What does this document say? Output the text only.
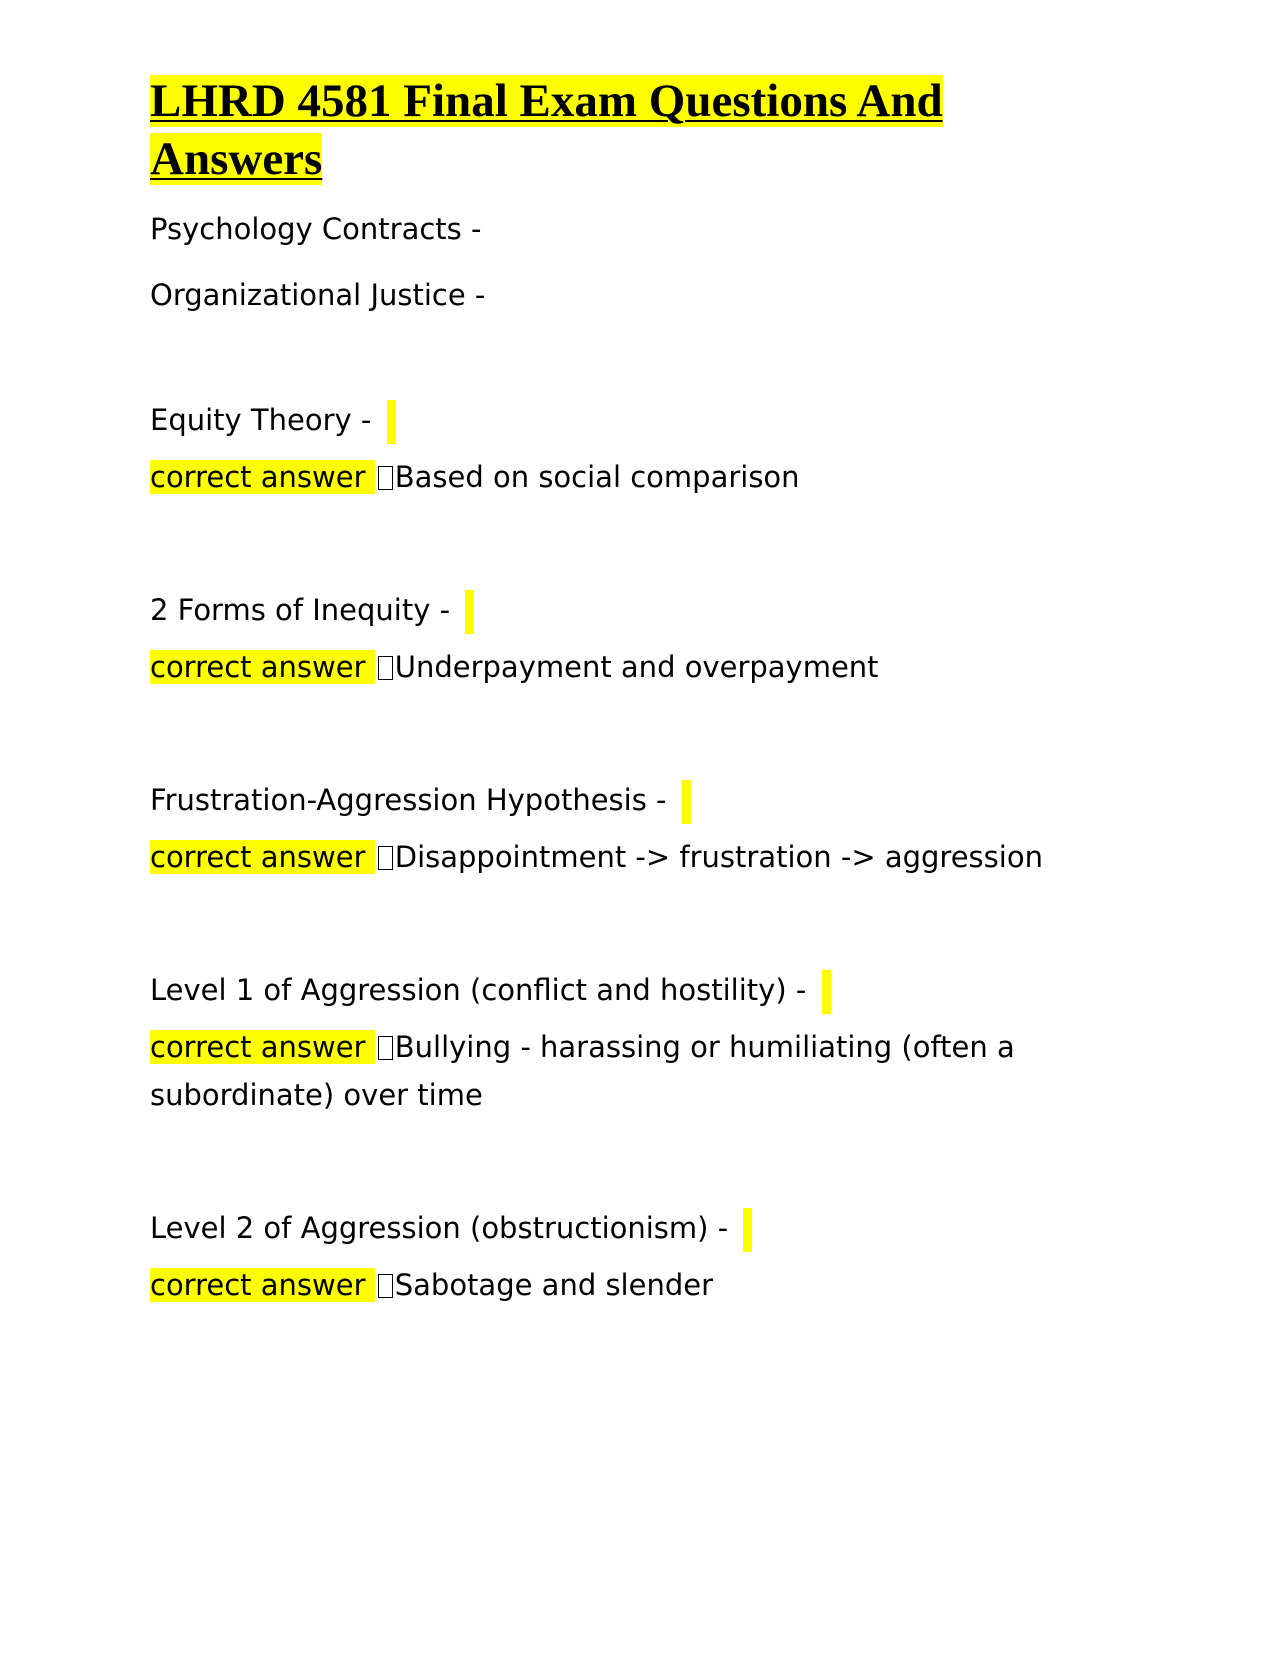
LHRD 4581 Final Exam Questions And Answers

Psychology Contracts -

Organizational Justice -

Equity Theory -

correct answer Based on social comparison

2 Forms of Inequity -

correct answer Underpayment and overpayment

Frustration-Aggression Hypothesis -

correct answer Disappointment -> frustration -> aggression

Level 1 of Aggression (conflict and hostility) -

correct answer Bullying - harassing or humiliating (often a

subordinate) over time

Level 2 of Aggression (obstructionism) -

correct answer Sabotage and slender
